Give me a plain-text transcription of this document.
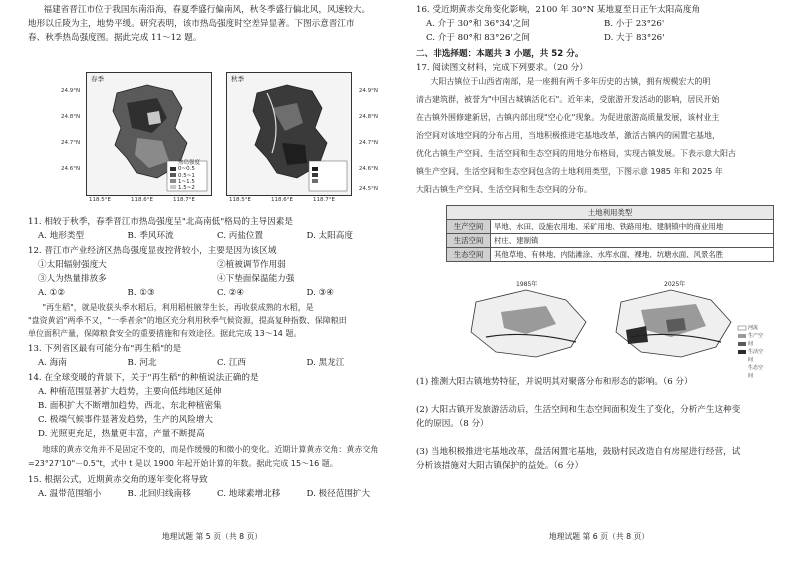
福建省晋江市位于我国东南沿海，春夏季盛行偏南风，秋冬季盛行偏北风，风速较大。
地形以丘陵为主，地势平缓。研究表明，该市热岛强度时空差异显著。下图示意晋江市
春、秋季热岛强度图。据此完成 11～12 题。
春季
24.9°N
24.8°N
24.7°N
24.6°N
118.5°E	118.6°E	118.7°E
秋季
24.9°N
24.8°N
24.7°N
24.6°N
24.5°N
118.5°E	118.6°E	118.7°E
热岛强度
0~0.5
0.5~1
1~1.5
1.5~2
11. 相较于秋季，春季晋江市热岛强度呈"北高南低"格局的主导因素是
A. 地形类型	B. 季风环流	C. 丙盐位置	D. 太阳高度
12. 晋江市产业经济区热岛强度显夜控背较小，主要是因为该区域
①太阳辐射强度大	②植被调节作用弱
③人为热量排放多	④下垫面保温能力强
A. ①②	B. ①③	C. ②④	D. ③④
"再生稻"，就是收获头季水稻后，利用稻桩腋芽生长，再收获成熟的水稻，是
"盘资黄滔"两季不又，"一季者余"的地区充分利用秋季气候资源，提高复种指数、保障粮田
单位面积产量，保障粮食安全的重要措施和有效途径。据此完成 13～14 题。
13. 下列省区最有可能分布"再生稻"的是
A. 海南	B. 河北	C. 江西	D. 黑龙江
14. 在全球变暖的背景下，关于"再生稻"的种植说法正确的是
A. 种植范围显著扩大趋势，主要向低纬地区延伸
B. 面积扩大不断增加趋势，西北、东北种植密集
C. 极端气候事件显著发趋势，生产的风险增大
D. 光照更充足，热量更丰富，产量不断提高
地球的黄赤交角并不是固定不变的，而是作缓慢的和微小的变化。近期计算黄赤交角：黄赤交角
=23°27'10"－0.5"t，式中 t 是以 1900 年起开始计算的年数。据此完成 15～16 题。
15. 根据公式，近期黄赤交角的逐年变化将导致
A. 温带范围缩小	B. 北回归线南移	C. 地球素增北移	D. 极径范围扩大
地理试题 第 5 页（共 8 页）
16. 受近期黄赤交角变化影响，2100 年 30°N 某地夏至日正午太阳高度角
A. 介于 30°和 36°34'之间	B. 小于 23°26'
C. 介于 80°和 83°26'之间	D. 大于 83°26'
二、非选择题：本题共 3 小题，共 52 分。
17. 阅读图文材料，完成下列要求。（20 分）
大阳古镇位于山西省南部，是一座拥有两千多年历史的古镇，拥有规模宏大的明
清古建筑群，被誉为"中国古城镇活化石"。近年来，受旅游开发活动的影响，居民开始
在古镇外围修建新居，古镇内部出现"空心化"现象。为促进旅游高质量发展，该村业主
治空间对该地空间的分布占用，当地积极推进宅基地改革，激活古镇内的闲置宅基地，
优化古镇生产空间、生活空间和生态空间的用地分布格局，实现古镇发展。下表示意大阳古
镇生产空间、生活空间和生态空间包含的土地利用类型，下图示意 1985 年和 2025 年
大阳古镇生产空间、生活空间和生态空间的分布。
土地利用类型	
生产空间	旱地、水田、设施农用地、采矿用地、铁路用地、建制镇中的商业用地
生活空间	村庄、建制镇
生态空间	其他草地、有林地、内陆滩涂、水库水面、裸地、坑塘水面、风景名胜
1985年	2025年
河流
生产空间
生活空间
生态空间
(1) 推测大阳古镇地势特征，并说明其对聚落分布和形态的影响。（6 分）
(2) 大阳古镇开发旅游活动后，生活空间和生态空间面积发生了变化，分析产生这种变
化的原因。（8 分）
(3) 当地积极推进宅基地改革，盘活闲置宅基地，鼓励村民改造自有房屋进行经营，试
分析该措施对大阳古镇保护的益处。（6 分）
地理试题 第 6 页（共 8 页）
